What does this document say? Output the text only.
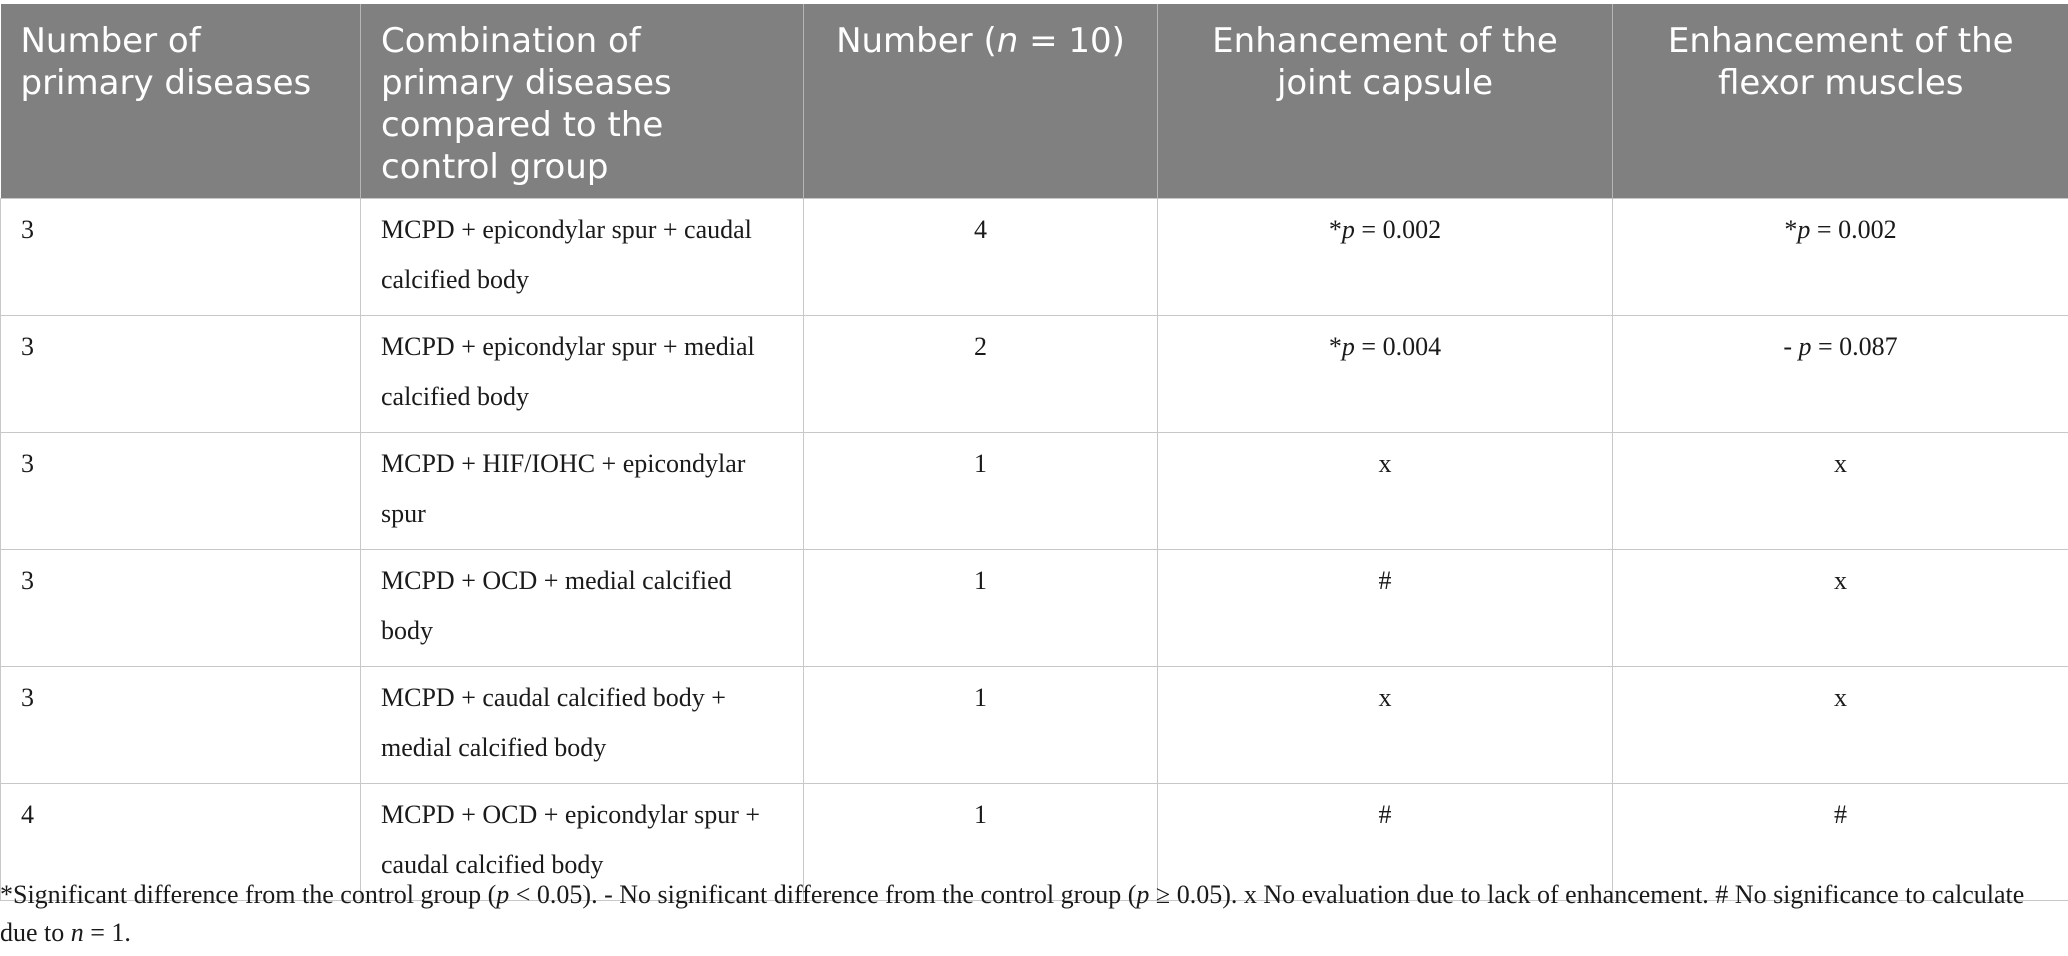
Number of primary diseases	Combination of primary diseases compared to the control group	Number (n = 10)	Enhancement of the joint capsule	Enhancement of the flexor muscles
3	MCPD + epicondylar spur + caudal calcified body	4	*p = 0.002	*p = 0.002
3	MCPD + epicondylar spur + medial calcified body	2	*p = 0.004	- p = 0.087
3	MCPD + HIF/IOHC + epicondylar spur	1	x	x
3	MCPD + OCD + medial calcified body	1	#	x
3	MCPD + caudal calcified body + medial calcified body	1	x	x
4	MCPD + OCD + epicondylar spur + caudal calcified body	1	#	#

*Significant difference from the control group (p < 0.05). - No significant difference from the control group (p ≥ 0.05). x No evaluation due to lack of enhancement. # No significance to calculate due to n = 1.
